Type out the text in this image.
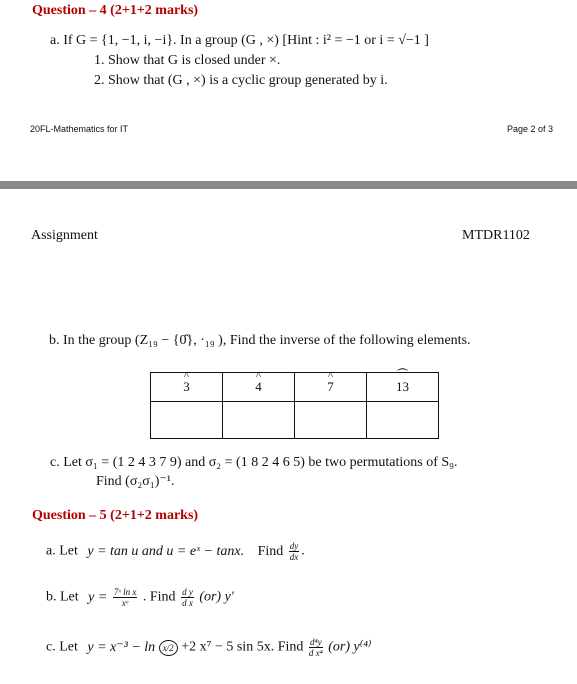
Question – 4 (2+1+2 marks)
a. If G = {1, −1, i, −i}. In a group (G , ×) [Hint : i² = −1 or i = √−1 ]
1. Show that G is closed under ×.
2. Show that (G , ×) is a cyclic group generated by i.
20FL-Mathematics for IT	Page 2 of 3
Assignment	MTDR1102
b. In the group (Z₁₉ − {0̂}, ·₁₉ ), Find the inverse of the following elements.
^ 3	^ 4	^ 7	⏜ 13

c. Let σ₁ = (1 2 4 3 7 9) and σ₂ = (1 8 2 4 6 5) be two permutations of S₉.
Find (σ₂σ₁)⁻¹.
Question – 5 (2+1+2 marks)
a. Let y = tan u and u = eˣ − tanx. Find $\frac{dy}{dx}$ .
b. Let $y = \frac{\text{7ˣ ln x}}{\text{xᵉ}}$ . Find $\frac{\text{d y}}{\text{d x}} (or)$ y′
c. Let y = x⁻³ − ln x/2 +2 x⁷ − 5 sin 5x. Find $\frac{\text{d⁴y}}{\text{d x⁴}} (or)$ y⁽⁴⁾
